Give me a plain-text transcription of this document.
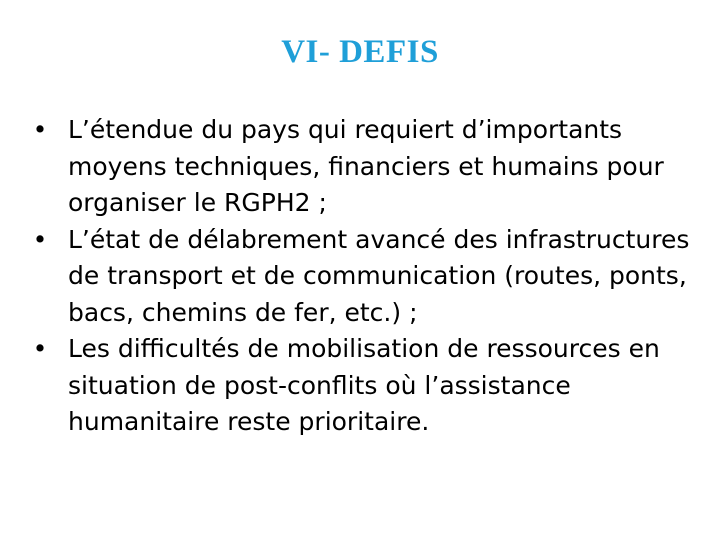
VI- DEFIS
• L’étendue du pays qui requiert d’importants moyens techniques, financiers et humains pour organiser le RGPH2 ;
• L’état de délabrement avancé des infrastructures de transport et de communication (routes, ponts, bacs, chemins de fer, etc.) ;
• Les difficultés de mobilisation de ressources en situation de post-conflits où l’assistance humanitaire reste prioritaire.
